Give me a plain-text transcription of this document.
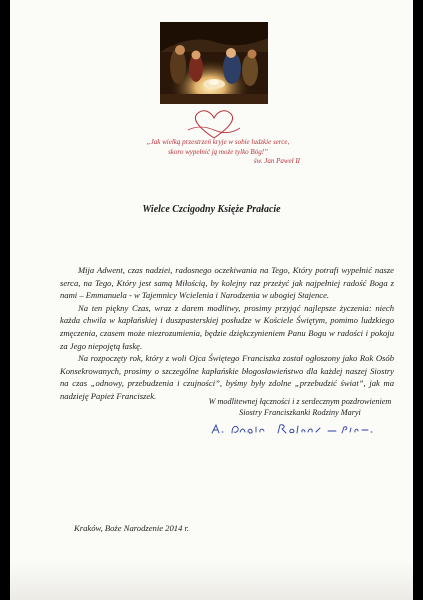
„Jak wielką przestrzeń kryje w sobie ludzkie serce,
skoro wypełnić ją może tylko Bóg!”
św. Jan Paweł II
Wielce Czcigodny Księże Prałacie

Mija Adwent, czas nadziei, radosnego oczekiwania na Tego, Który potrafi wypełnić nasze serca, na Tego, Który jest samą Miłością, by kolejny raz przeżyć jak najpełniej radość Boga z nami – Emmanuela - w Tajemnicy Wcielenia i Narodzenia w ubogiej Stajence.

Na ten piękny Czas, wraz z darem modlitwy, prosimy przyjąć najlepsze życzenia: niech każda chwila w kapłańskiej i duszpasterskiej posłudze w Kościele Świętym, pomimo ludzkiego zmęczenia, czasem może niezrozumienia, będzie dziękczynieniem Panu Bogu w radości i pokoju za Jego niepojętą łaskę.

Na rozpoczęty rok, który z woli Ojca Świętego Franciszka został ogłoszony jako Rok Osób Konsekrowanych, prosimy o szczególne kapłańskie błogosławieństwo dla każdej naszej Siostry na czas „odnowy, przebudzenia i czujności”, byśmy były zdolne „przebudzić świat”, jak ma nadzieję Papież Franciszek.

W modlitewnej łączności i z serdecznym pozdrowieniem
Siostry Franciszkanki Rodziny Maryi
Kraków, Boże Narodzenie 2014 r.
